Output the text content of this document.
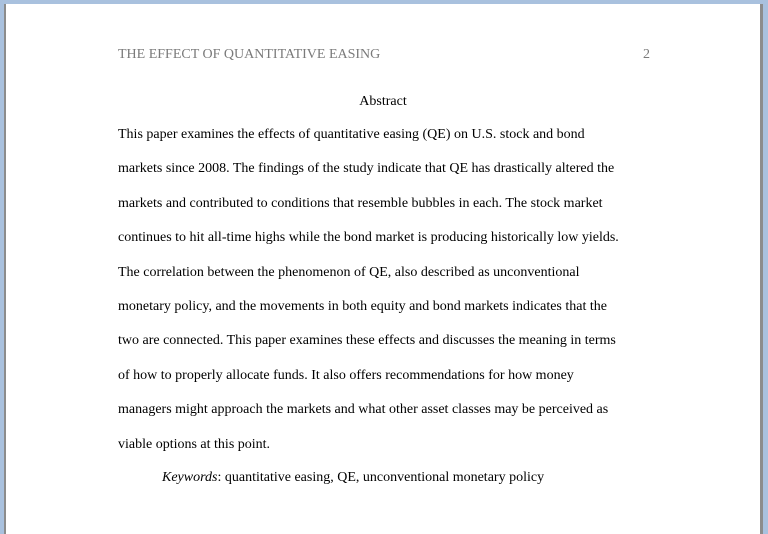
THE EFFECT OF QUANTITATIVE EASING	2
Abstract
This paper examines the effects of quantitative easing (QE) on U.S. stock and bond
markets since 2008. The findings of the study indicate that QE has drastically altered the
markets and contributed to conditions that resemble bubbles in each. The stock market
continues to hit all-time highs while the bond market is producing historically low yields.
The correlation between the phenomenon of QE, also described as unconventional
monetary policy, and the movements in both equity and bond markets indicates that the
two are connected. This paper examines these effects and discusses the meaning in terms
of how to properly allocate funds. It also offers recommendations for how money
managers might approach the markets and what other asset classes may be perceived as
viable options at this point.
Keywords: quantitative easing, QE, unconventional monetary policy
